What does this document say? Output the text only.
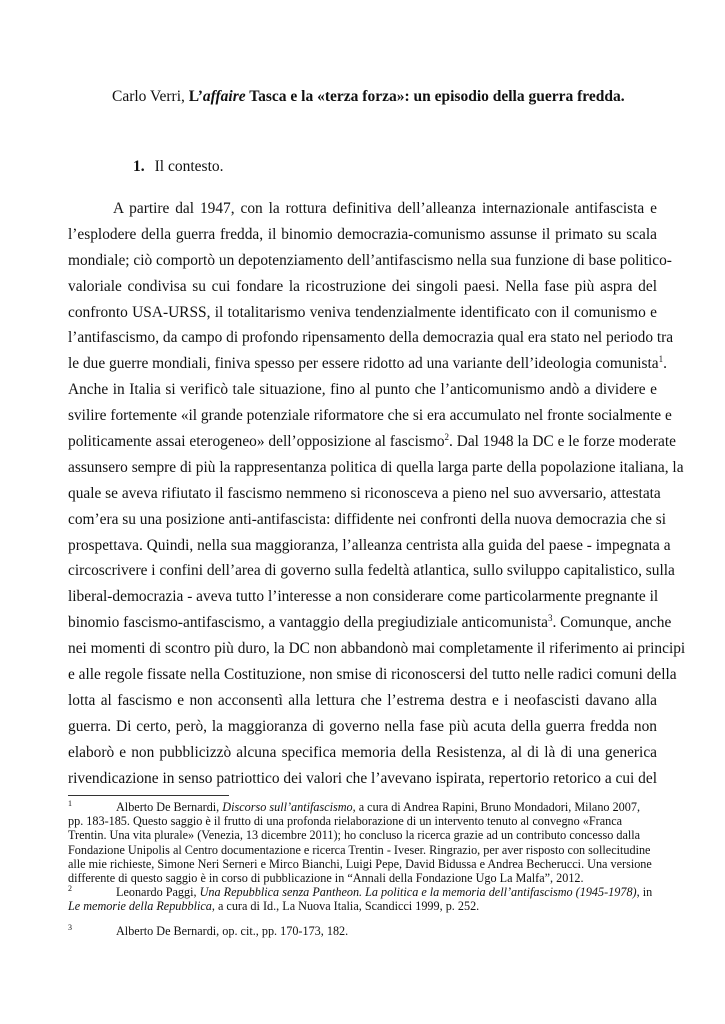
Carlo Verri, L’affaire Tasca e la «terza forza»: un episodio della guerra fredda.
1. Il contesto.
A partire dal 1947, con la rottura definitiva dell’alleanza internazionale antifascista e
l’esplodere della guerra fredda, il binomio democrazia-comunismo assunse il primato su scala
mondiale; ciò comportò un depotenziamento dell’antifascismo nella sua funzione di base politico-
valoriale condivisa su cui fondare la ricostruzione dei singoli paesi. Nella fase più aspra del
confronto USA-URSS, il totalitarismo veniva tendenzialmente identificato con il comunismo e
l’antifascismo, da campo di profondo ripensamento della democrazia qual era stato nel periodo tra
le due guerre mondiali, finiva spesso per essere ridotto ad una variante dell’ideologia comunista$^1$.
Anche in Italia si verificò tale situazione, fino al punto che l’anticomunismo andò a dividere e
svilire fortemente «il grande potenziale riformatore che si era accumulato nel fronte socialmente e
politicamente assai eterogeneo» dell’opposizione al fascismo$^2$. Dal 1948 la DC e le forze moderate
assunsero sempre di più la rappresentanza politica di quella larga parte della popolazione italiana, la
quale se aveva rifiutato il fascismo nemmeno si riconosceva a pieno nel suo avversario, attestata
com’era su una posizione anti-antifascista: diffidente nei confronti della nuova democrazia che si
prospettava. Quindi, nella sua maggioranza, l’alleanza centrista alla guida del paese - impegnata a
circoscrivere i confini dell’area di governo sulla fedeltà atlantica, sullo sviluppo capitalistico, sulla
liberal-democrazia - aveva tutto l’interesse a non considerare come particolarmente pregnante il
binomio fascismo-antifascismo, a vantaggio della pregiudiziale anticomunista$^3$. Comunque, anche
nei momenti di scontro più duro, la DC non abbandonò mai completamente il riferimento ai principi
e alle regole fissate nella Costituzione, non smise di riconoscersi del tutto nelle radici comuni della
lotta al fascismo e non acconsentì alla lettura che l’estrema destra e i neofascisti davano alla
guerra. Di certo, però, la maggioranza di governo nella fase più acuta della guerra fredda non
elaborò e non pubblicizzò alcuna specifica memoria della Resistenza, al di là di una generica
rivendicazione in senso patriottico dei valori che l’avevano ispirata, repertorio retorico a cui del

1	Alberto De Bernardi, Discorso sull’antifascismo, a cura di Andrea Rapini, Bruno Mondadori, Milano 2007, pp. 183-185. Questo saggio è il frutto di una profonda rielaborazione di un intervento tenuto al convegno «Franca Trentin. Una vita plurale» (Venezia, 13 dicembre 2011); ho concluso la ricerca grazie ad un contributo concesso dalla Fondazione Unipolis al Centro documentazione e ricerca Trentin - Iveser. Ringrazio, per aver risposto con sollecitudine alle mie richieste, Simone Neri Serneri e Mirco Bianchi, Luigi Pepe, David Bidussa e Andrea Becherucci. Una versione differente di questo saggio è in corso di pubblicazione in “Annali della Fondazione Ugo La Malfa”, 2012.

2	Leonardo Paggi, Una Repubblica senza Pantheon. La politica e la memoria dell’antifascismo (1945-1978), in Le memorie della Repubblica, a cura di Id., La Nuova Italia, Scandicci 1999, p. 252.

3	Alberto De Bernardi, op. cit., pp. 170-173, 182.
